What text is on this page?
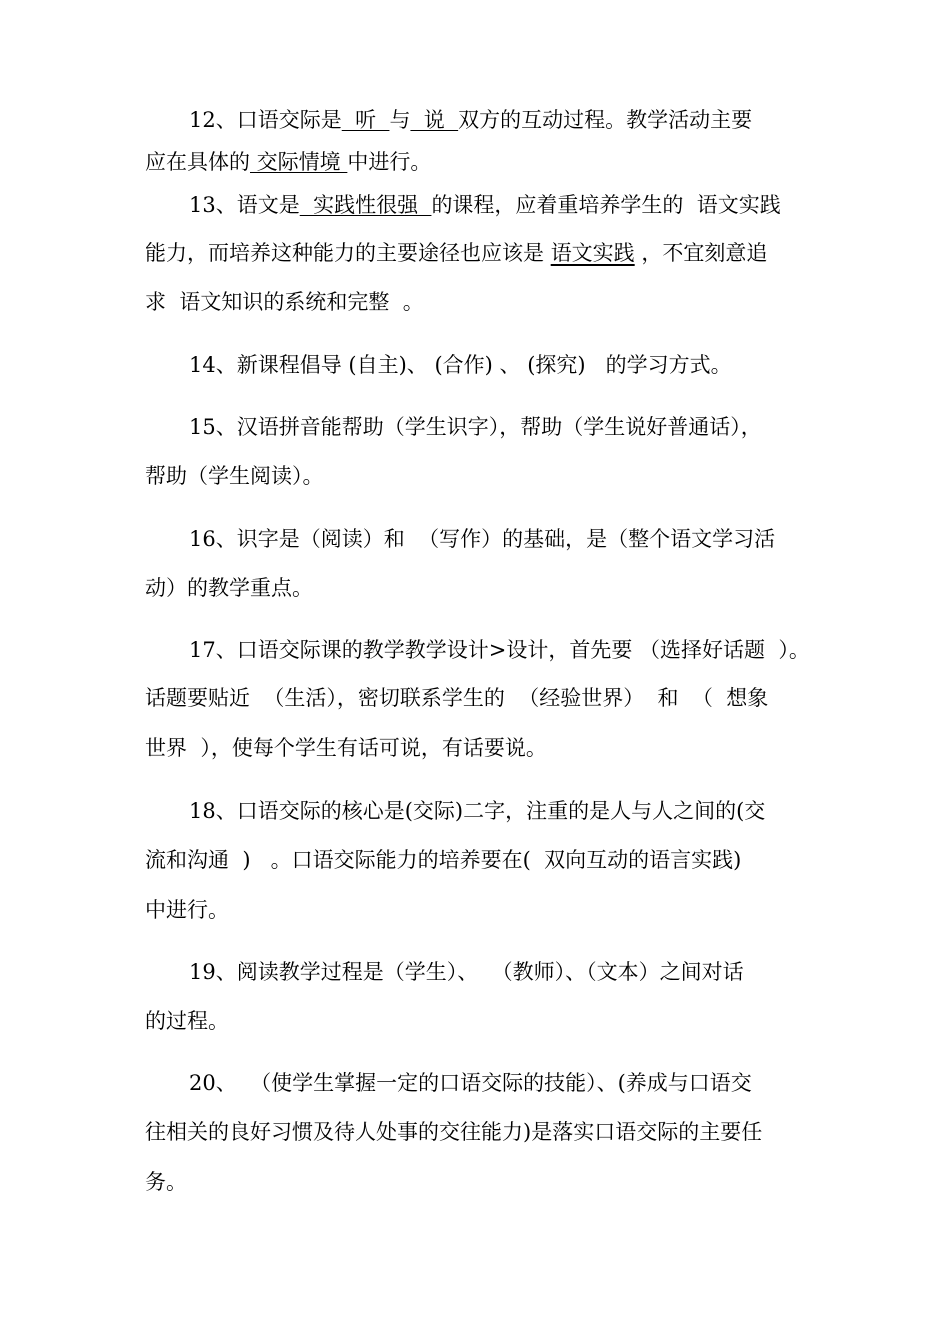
12、口语交际是  听  与  说  双方的互动过程。教学活动主要
应在具体的 交际情境 中进行。
13、语文是  实践性很强  的课程，应着重培养学生的  语文实践
能力，而培养这种能力的主要途径也应该是 语文实践 ，不宜刻意追
求  语文知识的系统和完整  。
14、新课程倡导 (自主)、 (合作) 、 (探究)   的学习方式。
15、汉语拼音能帮助（学生识字），帮助（学生说好普通话），
帮助（学生阅读）。
16、识字是（阅读）和  （写作）的基础，是（整个语文学习活
动）的教学重点。
17、口语交际课的教学教学设计>设计，首先要 （选择好话题  ）。
话题要贴近  （生活），密切联系学生的  （经验世界）  和  （  想象
世界  ），使每个学生有话可说，有话要说。
18、口语交际的核心是(交际)二字，注重的是人与人之间的(交
流和沟通  )   。口语交际能力的培养要在(  双向互动的语言实践)
中进行。
19、阅读教学过程是（学生）、  （教师）、（文本）之间对话
的过程。
20、  （使学生掌握一定的口语交际的技能）、(养成与口语交
往相关的良好习惯及待人处事的交往能力)是落实口语交际的主要任
务。
